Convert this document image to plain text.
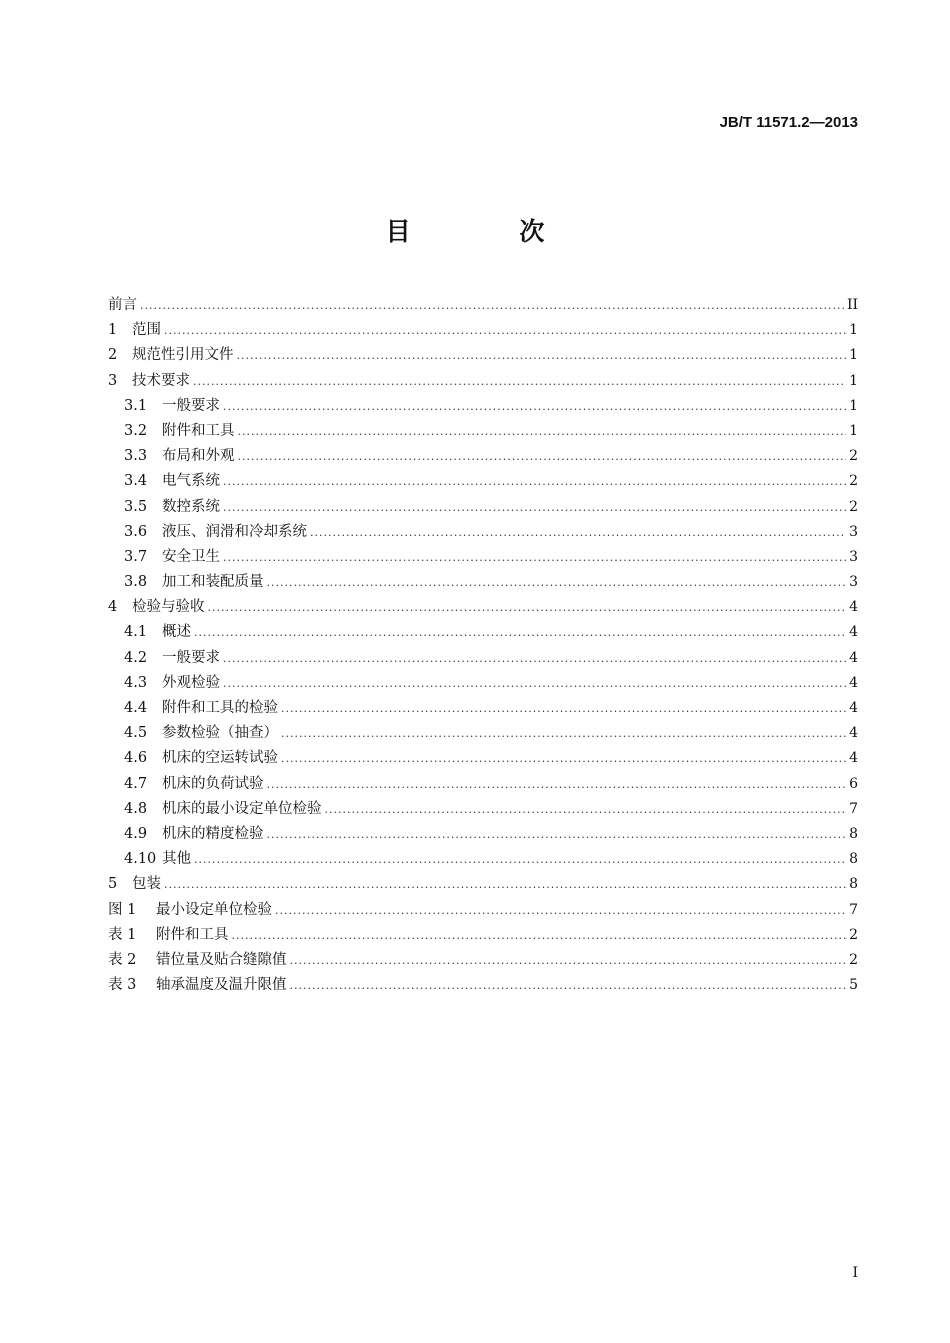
JB/T 11571.2—2013
目 次
前言 .....	II
1	范围 .....	1
2	规范性引用文件 .....	1
3	技术要求 .....	1
3.1	一般要求 .....	1
3.2	附件和工具 .....	1
3.3	布局和外观 .....	2
3.4	电气系统 .....	2
3.5	数控系统 .....	2
3.6	液压、润滑和冷却系统 .....	3
3.7	安全卫生 .....	3
3.8	加工和装配质量 .....	3
4	检验与验收 .....	4
4.1	概述 .....	4
4.2	一般要求 .....	4
4.3	外观检验 .....	4
4.4	附件和工具的检验 .....	4
4.5	参数检验（抽查） .....	4
4.6	机床的空运转试验 .....	4
4.7	机床的负荷试验 .....	6
4.8	机床的最小设定单位检验 .....	7
4.9	机床的精度检验 .....	8
4.10 其他 .....	8
5	包装 .....	8
图 1	最小设定单位检验 .....	7
表 1	附件和工具 .....	2
表 2	错位量及贴合缝隙值 .....	2
表 3	轴承温度及温升限值 .....	5
I
